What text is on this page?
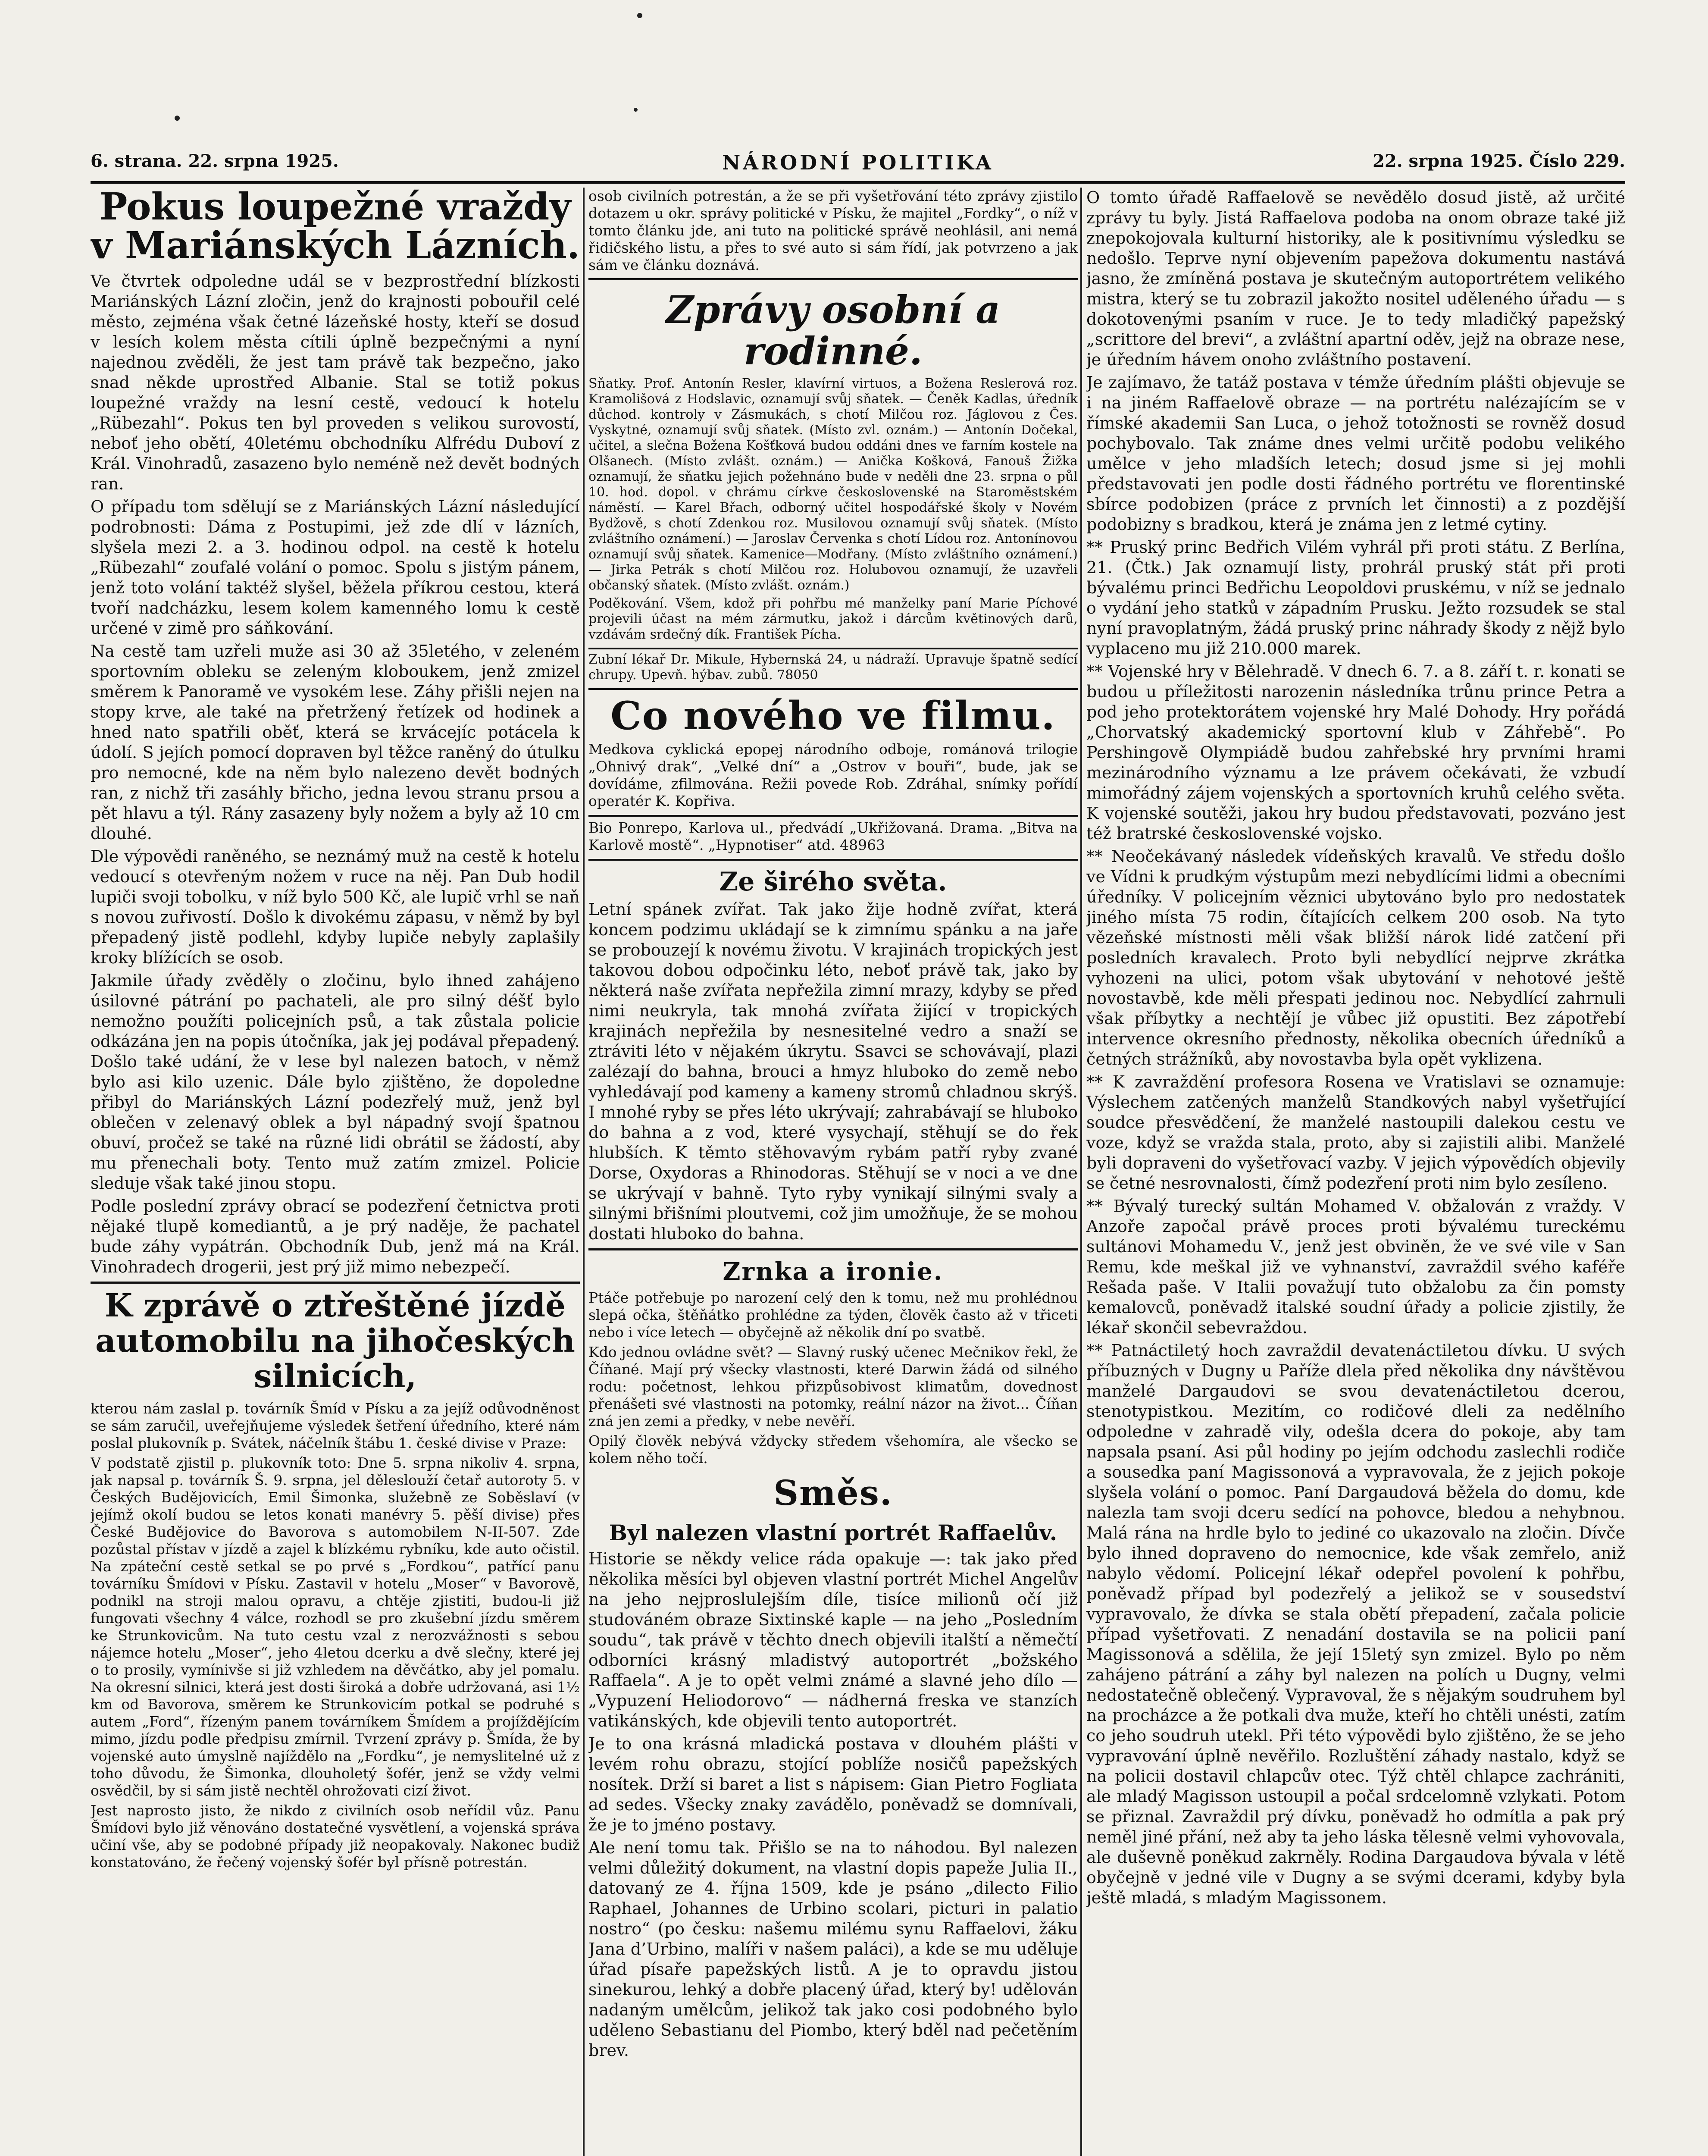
NÁRODNÍ POLITIKA
6. strana. 22. srpna 1925.	22. srpna 1925. Číslo 229.
Pokus loupežné vraždy v Mariánských Lázních.

Ve čtvrtek odpoledne udál se v bezprostřední blízkosti Mariánských Lázní zločin, jenž do krajnosti pobouřil celé město, zejména však četné lázeňské hosty, kteří se dosud v lesích kolem města cítili úplně bezpečnými a nyní najednou zvěděli, že jest tam právě tak bezpečno, jako snad někde uprostřed Albanie. Stal se totiž pokus loupežné vraždy na lesní cestě, vedoucí k hotelu „Rübezahl“. Pokus ten byl proveden s velikou surovostí, neboť jeho obětí, 40letému obchodníku Alfrédu Duboví z Král. Vinohradů, zasazeno bylo neméně než devět bodných ran.

O případu tom sdělují se z Mariánských Lázní následující podrobnosti: Dáma z Postupimi, jež zde dlí v lázních, slyšela mezi 2. a 3. hodinou odpol. na cestě k hotelu „Rübezahl“ zoufalé volání o pomoc. Spolu s jistým pánem, jenž toto volání taktéž slyšel, běžela příkrou cestou, která tvoří nadcházku, lesem kolem kamenného lomu k cestě určené v zimě pro sáňkování.

Na cestě tam uzřeli muže asi 30 až 35letého, v zeleném sportovním obleku se zeleným kloboukem, jenž zmizel směrem k Panoramě ve vysokém lese. Záhy přišli nejen na stopy krve, ale také na přetržený řetízek od hodinek a hned nato spatřili oběť, která se krvácejíc potácela k údolí. S jejích pomocí dopraven byl těžce raněný do útulku pro nemocné, kde na něm bylo nalezeno devět bodných ran, z nichž tři zasáhly břicho, jedna levou stranu prsou a pět hlavu a týl. Rány zasazeny byly nožem a byly až 10 cm dlouhé.

Dle výpovědi raněného, se neznámý muž na cestě k hotelu vedoucí s otevřeným nožem v ruce na něj. Pan Dub hodil lupiči svoji tobolku, v níž bylo 500 Kč, ale lupič vrhl se naň s novou zuřivostí. Došlo k divokému zápasu, v němž by byl přepadený jistě podlehl, kdyby lupiče nebyly zaplašily kroky blížících se osob.

Jakmile úřady zvěděly o zločinu, bylo ihned zahájeno úsilovné pátrání po pachateli, ale pro silný déšť bylo nemožno použíti policejních psů, a tak zůstala policie odkázána jen na popis útočníka, jak jej podával přepadený. Došlo také udání, že v lese byl nalezen batoch, v němž bylo asi kilo uzenic. Dále bylo zjištěno, že dopoledne přibyl do Mariánských Lázní podezřelý muž, jenž byl oblečen v zelenavý oblek a byl nápadný svojí špatnou obuví, pročež se také na různé lidi obrátil se žádostí, aby mu přenechali boty. Tento muž zatím zmizel. Policie sleduje však také jinou stopu.

Podle poslední zprávy obrací se podezření četnictva proti nějaké tlupě komediantů, a je prý naděje, že pachatel bude záhy vypátrán. Obchodník Dub, jenž má na Král. Vinohradech drogerii, jest prý již mimo nebezpečí.

K zprávě o ztřeštěné jízdě automobilu na jihočeských silnicích,

kterou nám zaslal p. továrník Šmíd v Písku a za jejíž odůvodněnost se sám zaručil, uveřejňujeme výsledek šetření úředního, které nám poslal plukovník p. Svátek, náčelník štábu 1. české divise v Praze:

V podstatě zjistil p. plukovník toto: Dne 5. srpna nikoliv 4. srpna, jak napsal p. továrník Š. 9. srpna, jel děleslouží četař autoroty 5. v Českých Budějovicích, Emil Šimonka, služebně ze Soběslaví (v jejímž okolí budou se letos konati manévry 5. pěší divise) přes České Budějovice do Bavorova s automobilem N-II-507. Zde pozůstal přístav v jízdě a zajel k blízkému rybníku, kde auto očistil. Na zpáteční cestě setkal se po prvé s „Fordkou“, patřící panu továrníku Šmídovi v Písku. Zastavil v hotelu „Moser“ v Bavorově, podnikl na stroji malou opravu, a chtěje zjistiti, budou-li již fungovati všechny 4 válce, rozhodl se pro zkušební jízdu směrem ke Strunkovicům. Na tuto cestu vzal z nerozvážnosti s sebou nájemce hotelu „Moser“, jeho 4letou dcerku a dvě slečny, které jej o to prosily, vymínivše si již vzhledem na děvčátko, aby jel pomalu. Na okresní silnici, která jest dosti široká a dobře udržovaná, asi 1½ km od Bavorova, směrem ke Strunkovicím potkal se podruhé s autem „Ford“, řízeným panem továrníkem Šmídem a projíždějícím mimo, jízdu podle předpisu zmírnil. Tvrzení zprávy p. Šmída, že by vojenské auto úmyslně najíždělo na „Fordku“, je nemyslitelné už z toho důvodu, že Šimonka, dlouholetý šofér, jenž se vždy velmi osvědčil, by si sám jistě nechtěl ohrožovati cizí život.

Jest naprosto jisto, že nikdo z civilních osob neřídil vůz. Panu Šmídovi bylo již věnováno dostatečné vysvětlení, a vojenská správa učiní vše, aby se podobné případy již neopakovaly. Nakonec budiž konstatováno, že řečený vojenský šofér byl přísně potrestán.

osob civilních potrestán, a že se při vyšetřování této zprávy zjistilo dotazem u okr. správy politické v Písku, že majitel „Fordky“, o níž v tomto článku jde, ani tuto na politické správě neohlásil, ani nemá řidičského listu, a přes to své auto si sám řídí, jak potvrzeno a jak sám ve článku doznává.

Zprávy osobní a rodinné.

Sňatky. Prof. Antonín Resler, klavírní virtuos, a Božena Reslerová roz. Kramolišová z Hodslavic, oznamují svůj sňatek. — Čeněk Kadlas, úředník důchod. kontroly v Zásmukách, s chotí Milčou roz. Jáglovou z Čes. Vyskytné, oznamují svůj sňatek. (Místo zvl. oznám.) — Antonín Dočekal, učitel, a slečna Božena Košťková budou oddáni dnes ve farním kostele na Olšanech. (Místo zvlášt. oznám.) — Anička Košková, Fanouš Žižka oznamují, že sňatku jejich požehnáno bude v neděli dne 23. srpna o půl 10. hod. dopol. v chrámu církve československé na Staroměstském náměstí. — Karel Břach, odborný učitel hospodářské školy v Novém Bydžově, s chotí Zdenkou roz. Musilovou oznamují svůj sňatek. (Místo zvláštního oznámení.) — Jaroslav Červenka s chotí Lídou roz. Antonínovou oznamují svůj sňatek. Kamenice—Modřany. (Místo zvláštního oznámení.) — Jirka Petrák s chotí Milčou roz. Holubovou oznamují, že uzavřeli občanský sňatek. (Místo zvlášt. oznám.)

Poděkování. Všem, kdož při pohřbu mé manželky paní Marie Píchové projevili účast na mém zármutku, jakož i dárcům květinových darů, vzdávám srdečný dík. František Pícha.

Zubní lékař Dr. Mikule, Hybernská 24, u nádraží. Upravuje špatně sedící chrupy. Upevň. hýbav. zubů. 78050

Co nového ve filmu.

Medkova cyklická epopej národního odboje, románová trilogie „Ohnivý drak“, „Velké dní“ a „Ostrov v bouři“, bude, jak se dovídáme, zfilmována. Režii povede Rob. Zdráhal, snímky pořídí operatér K. Kopřiva.

Bio Ponrepo, Karlova ul., předvádí „Ukřižovaná. Drama. „Bitva na Karlově mostě“. „Hypnotiser“ atd. 48963

Ze širého světa.

Letní spánek zvířat. Tak jako žije hodně zvířat, která koncem podzimu ukládají se k zimnímu spánku a na jaře se probouzejí k novému životu. V krajinách tropických jest takovou dobou odpočinku léto, neboť právě tak, jako by některá naše zvířata nepřežila zimní mrazy, kdyby se před nimi neukryla, tak mnohá zvířata žijící v tropických krajinách nepřežila by nesnesitelné vedro a snaží se ztráviti léto v nějakém úkrytu. Ssavci se schovávají, plazi zalézají do bahna, brouci a hmyz hluboko do země nebo vyhledávají pod kameny a kameny stromů chladnou skrýš. I mnohé ryby se přes léto ukrývají; zahrabávají se hluboko do bahna a z vod, které vysychají, stěhují se do řek hlubších. K těmto stěhovavým rybám patří ryby zvané Dorse, Oxydoras a Rhinodoras. Stěhují se v noci a ve dne se ukrývají v bahně. Tyto ryby vynikají silnými svaly a silnými břišními ploutvemi, což jim umožňuje, že se mohou dostati hluboko do bahna.

Zrnka a ironie.

Ptáče potřebuje po narození celý den k tomu, než mu prohlédnou slepá očka, štěňátko prohlédne za týden, člověk často až v třiceti nebo i více letech — obyčejně až několik dní po svatbě.

Kdo jednou ovládne svět? — Slavný ruský učenec Mečnikov řekl, že Číňané. Mají prý všecky vlastnosti, které Darwin žádá od silného rodu: početnost, lehkou přizpůsobivost klimatům, dovednost přenášeti své vlastnosti na potomky, reální názor na život... Číňan zná jen zemi a předky, v nebe nevěří.

Opilý člověk nebývá vždycky středem všehomíra, ale všecko se kolem něho točí.

Směs.
Byl nalezen vlastní portrét Raffaelův.

Historie se někdy velice ráda opakuje —: tak jako před několika měsíci byl objeven vlastní portrét Michel Angelův na jeho nejproslulejším díle, tisíce milionů očí již studováném obraze Sixtinské kaple — na jeho „Posledním soudu“, tak právě v těchto dnech objevili italští a němečtí odborníci krásný mladistvý autoportrét „božského Raffaela“. A je to opět velmi známé a slavné jeho dílo — „Vypuzení Heliodorovo“ — nádherná freska ve stanzích vatikánských, kde objevili tento autoportrét.

Je to ona krásná mladická postava v dlouhém plášti v levém rohu obrazu, stojící poblíže nosičů papežských nosítek. Drží si baret a list s nápisem: Gian Pietro Fogliata ad sedes. Všecky znaky zavádělo, poněvadž se domnívali, že je to jméno postavy.

Ale není tomu tak. Přišlo se na to náhodou. Byl nalezen velmi důležitý dokument, na vlastní dopis papeže Julia II., datovaný ze 4. října 1509, kde je psáno „dilecto Filio Raphael, Johannes de Urbino scolari, picturi in palatio nostro“ (po česku: našemu milému synu Raffaelovi, žáku Jana d’Urbino, malíři v našem paláci), a kde se mu uděluje úřad písaře papežských listů. A je to opravdu jistou sinekurou, lehký a dobře placený úřad, který by! udělován nadaným umělcům, jelikož tak jako cosi podobného bylo uděleno Sebastianu del Piombo, který bděl nad pečetěním brev.

O tomto úřadě Raffaelově se nevědělo dosud jistě, až určité zprávy tu byly. Jistá Raffaelova podoba na onom obraze také již znepokojovala kulturní historiky, ale k positivnímu výsledku se nedošlo. Teprve nyní objevením papežova dokumentu nastává jasno, že zmíněná postava je skutečným autoportrétem velikého mistra, který se tu zobrazil jakožto nositel uděleného úřadu — s dokotovenými psaním v ruce. Je to tedy mladičký papežský „scrittore del brevi“, a zvláštní apartní oděv, jejž na obraze nese, je úředním hávem onoho zvláštního postavení.

Je zajímavo, že tatáž postava v témže úředním plášti objevuje se i na jiném Raffaelově obraze — na portrétu nalézajícím se v římské akademii San Luca, o jehož totožnosti se rovněž dosud pochybovalo. Tak známe dnes velmi určitě podobu velikého umělce v jeho mladších letech; dosud jsme si jej mohli představovati jen podle dosti řádného portrétu ve florentinské sbírce podobizen (práce z prvních let činnosti) a z pozdější podobizny s bradkou, která je známa jen z letmé cytiny.

** Pruský princ Bedřich Vilém vyhrál při proti státu. Z Berlína, 21. (Čtk.) Jak oznamují listy, prohrál pruský stát při proti bývalému princi Bedřichu Leopoldovi pruskému, v níž se jednalo o vydání jeho statků v západním Prusku. Ježto rozsudek se stal nyní pravoplatným, žádá pruský princ náhrady škody z nějž bylo vyplaceno mu již 210.000 marek.

** Vojenské hry v Bělehradě. V dnech 6. 7. a 8. září t. r. konati se budou u příležitosti narozenin následníka trůnu prince Petra a pod jeho protektorátem vojenské hry Malé Dohody. Hry pořádá „Chorvatský akademický sportovní klub v Záhřebě“. Po Pershingově Olympiádě budou zahřebské hry prvními hrami mezinárodního významu a lze právem očekávati, že vzbudí mimořádný zájem vojenských a sportovních kruhů celého světa. K vojenské soutěži, jakou hry budou představovati, pozváno jest též bratrské československé vojsko.

** Neočekávaný následek vídeňských kravalů. Ve středu došlo ve Vídni k prudkým výstupům mezi nebydlícími lidmi a obecními úředníky. V policejním věznici ubytováno bylo pro nedostatek jiného místa 75 rodin, čítajících celkem 200 osob. Na tyto vězeňské místnosti měli však bližší nárok lidé zatčení při posledních kravalech. Proto byli nebydlící nejprve zkrátka vyhozeni na ulici, potom však ubytování v nehotové ještě novostavbě, kde měli přespati jedinou noc. Nebydlící zahrnuli však příbytky a nechtějí je vůbec již opustiti. Bez zápotřebí intervence okresního přednosty, několika obecních úředníků a četných strážníků, aby novostavba byla opět vyklizena.

** K zavraždění profesora Rosena ve Vratislavi se oznamuje: Výslechem zatčených manželů Standkových nabyl vyšetřující soudce přesvědčení, že manželé nastoupili dalekou cestu ve voze, když se vražda stala, proto, aby si zajistili alibi. Manželé byli dopraveni do vyšetřovací vazby. V jejich výpovědích objevily se četné nesrovnalosti, čímž podezření proti nim bylo zesíleno.

** Bývalý turecký sultán Mohamed V. obžalován z vraždy. V Anzoře započal právě proces proti bývalému tureckému sultánovi Mohamedu V., jenž jest obviněn, že ve své vile v San Remu, kde meškal již ve vyhnanství, zavraždil svého kaféře Rešada paše. V Italii považují tuto obžalobu za čin pomsty kemalovců, poněvadž italské soudní úřady a policie zjistily, že lékař skončil sebevraždou.

** Patnáctiletý hoch zavraždil devatenáctiletou dívku. U svých příbuzných v Dugny u Paříže dlela před několika dny návštěvou manželé Dargaudovi se svou devatenáctiletou dcerou, stenotypistkou. Mezitím, co rodičové dleli za nedělního odpoledne v zahradě vily, odešla dcera do pokoje, aby tam napsala psaní. Asi půl hodiny po jejím odchodu zaslechli rodiče a sousedka paní Magissonová a vypravovala, že z jejich pokoje slyšela volání o pomoc. Paní Dargaudová běžela do domu, kde nalezla tam svoji dceru sedící na pohovce, bledou a nehybnou. Malá rána na hrdle bylo to jediné co ukazovalo na zločin. Dívče bylo ihned dopraveno do nemocnice, kde však zemřelo, aniž nabylo vědomí. Policejní lékař odepřel povolení k pohřbu, poněvadž případ byl podezřelý a jelikož se v sousedství vypravovalo, že dívka se stala obětí přepadení, začala policie případ vyšetřovati. Z nenadání dostavila se na policii paní Magissonová a sdělila, že její 15letý syn zmizel. Bylo po něm zahájeno pátrání a záhy byl nalezen na polích u Dugny, velmi nedostatečně oblečený. Vypravoval, že s nějakým soudruhem byl na procházce a že potkali dva muže, kteří ho chtěli unésti, zatím co jeho soudruh utekl. Při této výpovědi bylo zjištěno, že se jeho vypravování úplně nevěřilo. Rozluštění záhady nastalo, když se na policii dostavil chlapcův otec. Týž chtěl chlapce zachrániti, ale mladý Magisson ustoupil a počal srdcelomně vzlykati. Potom se přiznal. Zavraždil prý dívku, poněvadž ho odmítla a pak prý neměl jiné přání, než aby ta jeho láska tělesně velmi vyhovovala, ale duševně poněkud zakrněly. Rodina Dargaudova bývala v létě obyčejně v jedné vile v Dugny a se svými dcerami, kdyby byla ještě mladá, s mladým Magissonem.
